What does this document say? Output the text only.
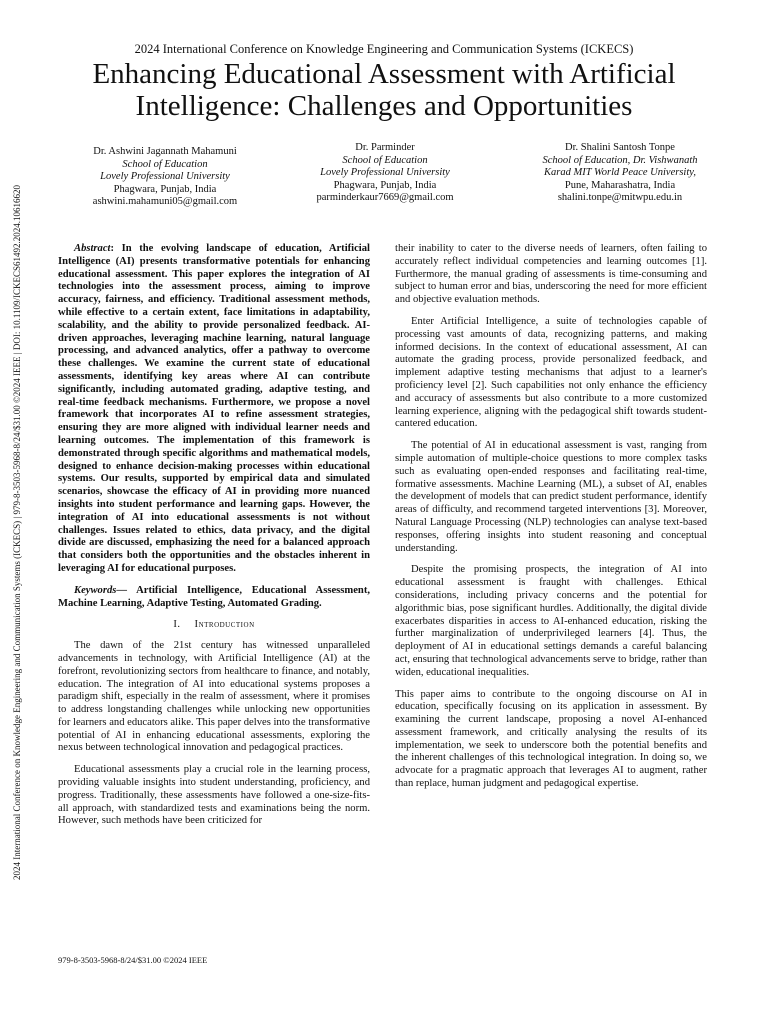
2024 International Conference on Knowledge Engineering and Communication Systems (ICKECS)
Enhancing Educational Assessment with Artificial Intelligence: Challenges and Opportunities
2024 International Conference on Knowledge Engineering and Communication Systems (ICKECS) | 979-8-3503-5968-8/24/$31.00 ©2024 IEEE | DOI: 10.1109/ICKECS61492.2024.10616620
Dr. Ashwini Jagannath Mahamuni
School of Education
Lovely Professional University
Phagwara, Punjab, India
ashwini.mahamuni05@gmail.com
Dr. Parminder
School of Education
Lovely Professional University
Phagwara, Punjab, India
parminderkaur7669@gmail.com
Dr. Shalini Santosh Tonpe
School of Education, Dr. Vishwanath
Karad MIT World Peace University,
Pune, Maharashatra, India
shalini.tonpe@mitwpu.edu.in

Abstract: In the evolving landscape of education, Artificial Intelligence (AI) presents transformative potentials for enhancing educational assessment. This paper explores the integration of AI technologies into the assessment process, aiming to improve accuracy, fairness, and efficiency. Traditional assessment methods, while effective to a certain extent, face limitations in adaptability, scalability, and the ability to provide personalized feedback. AI-driven approaches, leveraging machine learning, natural language processing, and advanced analytics, offer a pathway to overcome these challenges. We examine the current state of educational assessments, identifying key areas where AI can contribute significantly, including automated grading, adaptive testing, and real-time feedback mechanisms. Furthermore, we propose a novel framework that incorporates AI to refine assessment strategies, ensuring they are more aligned with individual learner needs and learning outcomes. The implementation of this framework is demonstrated through specific algorithms and mathematical models, designed to enhance decision-making processes within educational systems. Our results, supported by empirical data and simulated scenarios, showcase the efficacy of AI in providing more nuanced insights into student performance and learning gaps. However, the integration of AI into educational assessments is not without challenges. Issues related to ethics, data privacy, and the digital divide are discussed, emphasizing the need for a balanced approach that considers both the opportunities and the obstacles inherent in leveraging AI for educational purposes.

Keywords— Artificial Intelligence, Educational Assessment, Machine Learning, Adaptive Testing, Automated Grading.

I. Introduction

The dawn of the 21st century has witnessed unparalleled advancements in technology, with Artificial Intelligence (AI) at the forefront, revolutionizing sectors from healthcare to finance, and notably, education. The integration of AI into educational systems proposes a paradigm shift, especially in the realm of assessment, where it promises to address longstanding challenges while unlocking new opportunities for learners and educators alike. This paper delves into the transformative potential of AI in enhancing educational assessments, exploring the nexus between technological innovation and pedagogical practices.

Educational assessments play a crucial role in the learning process, providing valuable insights into student understanding, proficiency, and progress. Traditionally, these assessments have followed a one-size-fits-all approach, with standardized tests and examinations being the norm. However, such methods have been criticized for

their inability to cater to the diverse needs of learners, often failing to accurately reflect individual competencies and learning outcomes [1]. Furthermore, the manual grading of assessments is time-consuming and subject to human error and bias, underscoring the need for more efficient and objective evaluation methods.

Enter Artificial Intelligence, a suite of technologies capable of processing vast amounts of data, recognizing patterns, and making informed decisions. In the context of educational assessment, AI can automate the grading process, provide personalized feedback, and implement adaptive testing mechanisms that adjust to a learner's proficiency level [2]. Such capabilities not only enhance the efficiency and accuracy of assessments but also contribute to a more customized learning experience, aligning with the pedagogical shift towards student-cantered education.

The potential of AI in educational assessment is vast, ranging from simple automation of multiple-choice questions to more complex tasks such as evaluating open-ended responses and facilitating real-time, formative assessments. Machine Learning (ML), a subset of AI, enables the development of models that can predict student performance, identify areas of difficulty, and recommend targeted interventions [3]. Moreover, Natural Language Processing (NLP) technologies can analyse text-based responses, offering insights into student reasoning and conceptual understanding.

Despite the promising prospects, the integration of AI into educational assessment is fraught with challenges. Ethical considerations, including privacy concerns and the potential for algorithmic bias, pose significant hurdles. Additionally, the digital divide exacerbates disparities in access to AI-enhanced education, risking the further marginalization of underprivileged learners [4]. Thus, the deployment of AI in educational settings demands a careful balancing act, ensuring that technological advancements serve to bridge, rather than widen, educational inequalities.

This paper aims to contribute to the ongoing discourse on AI in education, specifically focusing on its application in assessment. By examining the current landscape, proposing a novel AI-enhanced assessment framework, and critically analysing the results of its implementation, we seek to underscore both the potential benefits and the inherent challenges of this technological integration. In doing so, we advocate for a pragmatic approach that leverages AI to augment, rather than replace, human judgment and pedagogical expertise.

979-8-3503-5968-8/24/$31.00 ©2024 IEEE
